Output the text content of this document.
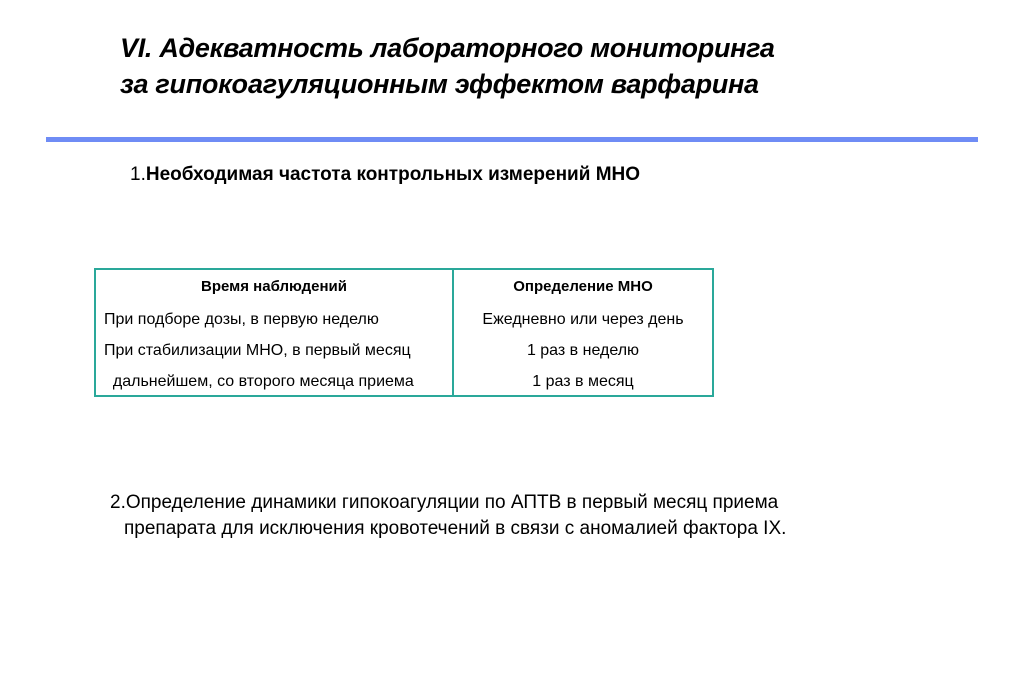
VI. Адекватность лабораторного мониторинга
за гипокоагуляционным эффектом варфарина
1.Необходимая частота контрольных измерений МНО
Время наблюдений	Определение МНО
При подборе дозы, в первую неделю	Ежедневно или через день
При стабилизации МНО, в первый месяц	1 раз в неделю
дальнейшем, со второго месяца приема	1 раз в месяц
2.Определение динамики гипокоагуляции по АПТВ в первый месяц приема
препарата для исключения кровотечений в связи с аномалией фактора IX.
